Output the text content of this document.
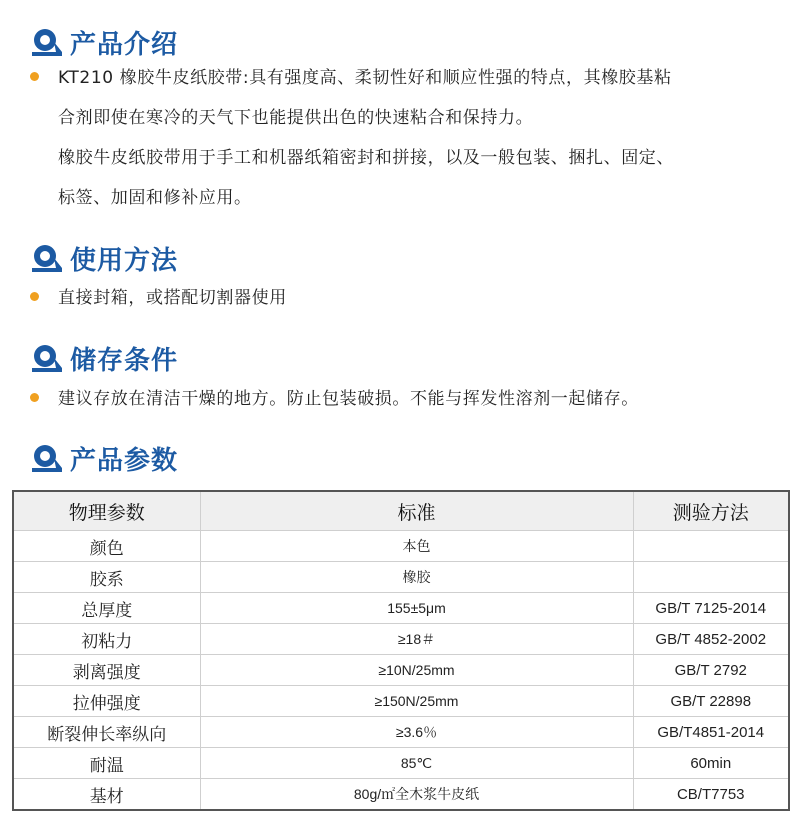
产品介绍
KT210 橡胶牛皮纸胶带:具有强度高、柔韧性好和顺应性强的特点，其橡胶基粘
合剂即使在寒冷的天气下也能提供出色的快速粘合和保持力。
橡胶牛皮纸胶带用于手工和机器纸箱密封和拼接，以及一般包装、捆扎、固定、
标签、加固和修补应用。
使用方法
直接封箱，或搭配切割器使用
储存条件
建议存放在清洁干燥的地方。防止包装破损。不能与挥发性溶剂一起储存。
产品参数
物理参数	标准	测验方法
颜色	本色	
胶系	橡胶	
总厚度	155±5μm	GB/T 7125-2014
初粘力	≥18＃	GB/T 4852-2002
剥离强度	≥10N/25mm	GB/T 2792
拉伸强度	≥150N/25mm	GB/T 22898
断裂伸长率纵向	≥3.6％	GB/T4851-2014
耐温	85℃	60min
基材	80g/㎡全木浆牛皮纸	CB/T7753
